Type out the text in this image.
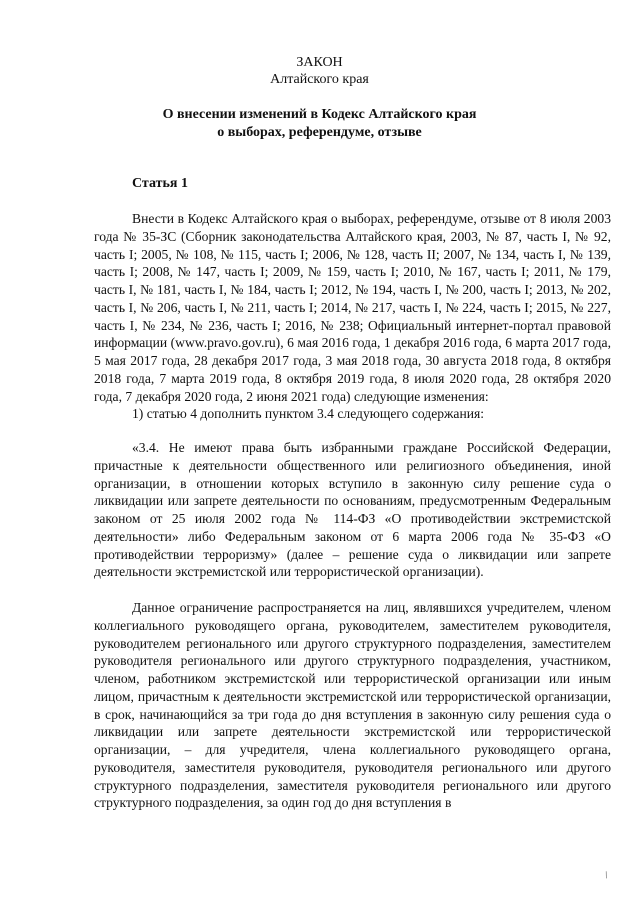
ЗАКОН
Алтайского края
О внесении изменений в Кодекс Алтайского края
о выборах, референдуме, отзыве
Статья 1

Внести в Кодекс Алтайского края о выборах, референдуме, отзыве от 8 июля 2003 года № 35-ЗС (Сборник законодательства Алтайского края, 2003, № 87, часть I, № 92, часть I; 2005, № 108, № 115, часть I; 2006, № 128, часть II; 2007, № 134, часть I, № 139, часть I; 2008, № 147, часть I; 2009, № 159, часть I; 2010, № 167, часть I; 2011, № 179, часть I, № 181, часть I, № 184, часть I; 2012, № 194, часть I, № 200, часть I; 2013, № 202, часть I, № 206, часть I, № 211, часть I; 2014, № 217, часть I, № 224, часть I; 2015, № 227, часть I, № 234, № 236, часть I; 2016, № 238; Официальный интернет-портал правовой информации (www.pravo.gov.ru), 6 мая 2016 года, 1 декабря 2016 года, 6 марта 2017 года, 5 мая 2017 года, 28 декабря 2017 года, 3 мая 2018 года, 30 августа 2018 года, 8 октября 2018 года, 7 марта 2019 года, 8 октября 2019 года, 8 июля 2020 года, 28 октября 2020 года, 7 декабря 2020 года, 2 июня 2021 года) следующие изменения:

1) статью 4 дополнить пунктом 3.4 следующего содержания:

«3.4. Не имеют права быть избранными граждане Российской Федерации, причастные к деятельности общественного или религиозного объединения, иной организации, в отношении которых вступило в законную силу решение суда о ликвидации или запрете деятельности по основаниям, предусмотренным Федеральным законом от 25 июля 2002 года № 114-ФЗ «О противодействии экстремистской деятельности» либо Федеральным законом от 6 марта 2006 года № 35-ФЗ «О противодействии терроризму» (далее – решение суда о ликвидации или запрете деятельности экстремистской или террористической организации).

Данное ограничение распространяется на лиц, являвшихся учредителем, членом коллегиального руководящего органа, руководителем, заместителем руководителя, руководителем регионального или другого структурного подразделения, заместителем руководителя регионального или другого структурного подразделения, участником, членом, работником экстремистской или террористической организации или иным лицом, причастным к деятельности экстремистской или террористической организации, в срок, начинающийся за три года до дня вступления в законную силу решения суда о ликвидации или запрете деятельности экстремистской или террористической организации, – для учредителя, члена коллегиального руководящего органа, руководителя, заместителя руководителя, руководителя регионального или другого структурного подразделения, заместителя руководителя регионального или другого структурного подразделения, за один год до дня вступления в

/
